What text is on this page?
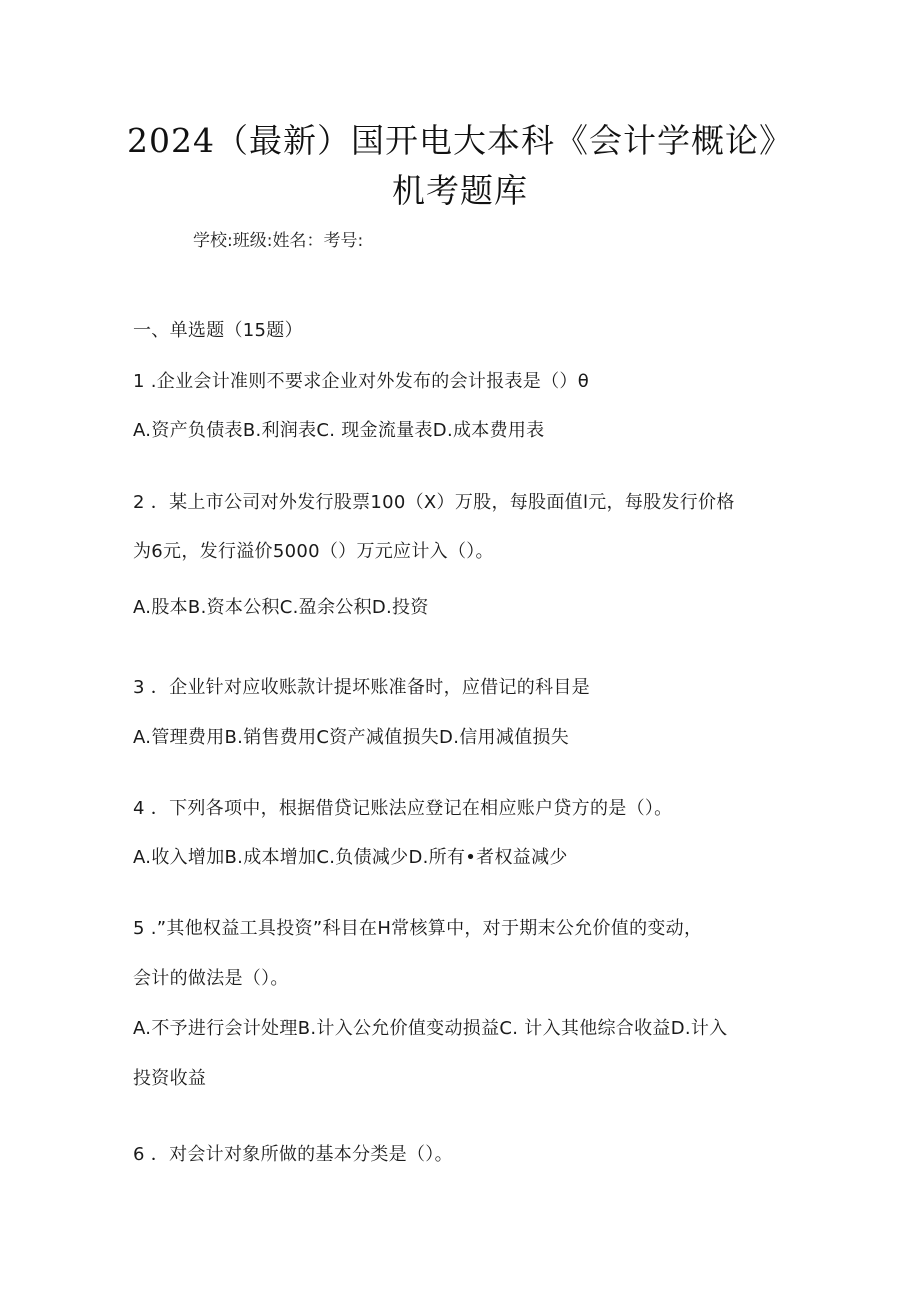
2024（最新）国开电大本科《会计学概论》
机考题库
学校:班级:姓名：考号:
一、单选题（15题）
1 .企业会计准则不要求企业对外发布的会计报表是（）θ
A.资产负债表B.利润表C. 现金流量表D.成本费用表
2 ．某上市公司对外发行股票100（X）万股，每股面值l元，每股发行价格
为6元，发行溢价5000（）万元应计入（）。
A.股本B.资本公积C.盈余公积D.投资
3 ．企业针对应收账款计提坏账准备时，应借记的科目是
A.管理费用B.销售费用C资产减值损失D.信用减值损失
4 ．下列各项中，根据借贷记账法应登记在相应账户贷方的是（）。
A.收入增加B.成本增加C.负债减少D.所有•者权益减少
5 .”其他权益工具投资”科目在H常核算中，对于期末公允价值的变动，
会计的做法是（）。
A.不予进行会计处理B.计入公允价值变动损益C. 计入其他综合收益D.计入
投资收益
6 ．对会计对象所做的基本分类是（）。
